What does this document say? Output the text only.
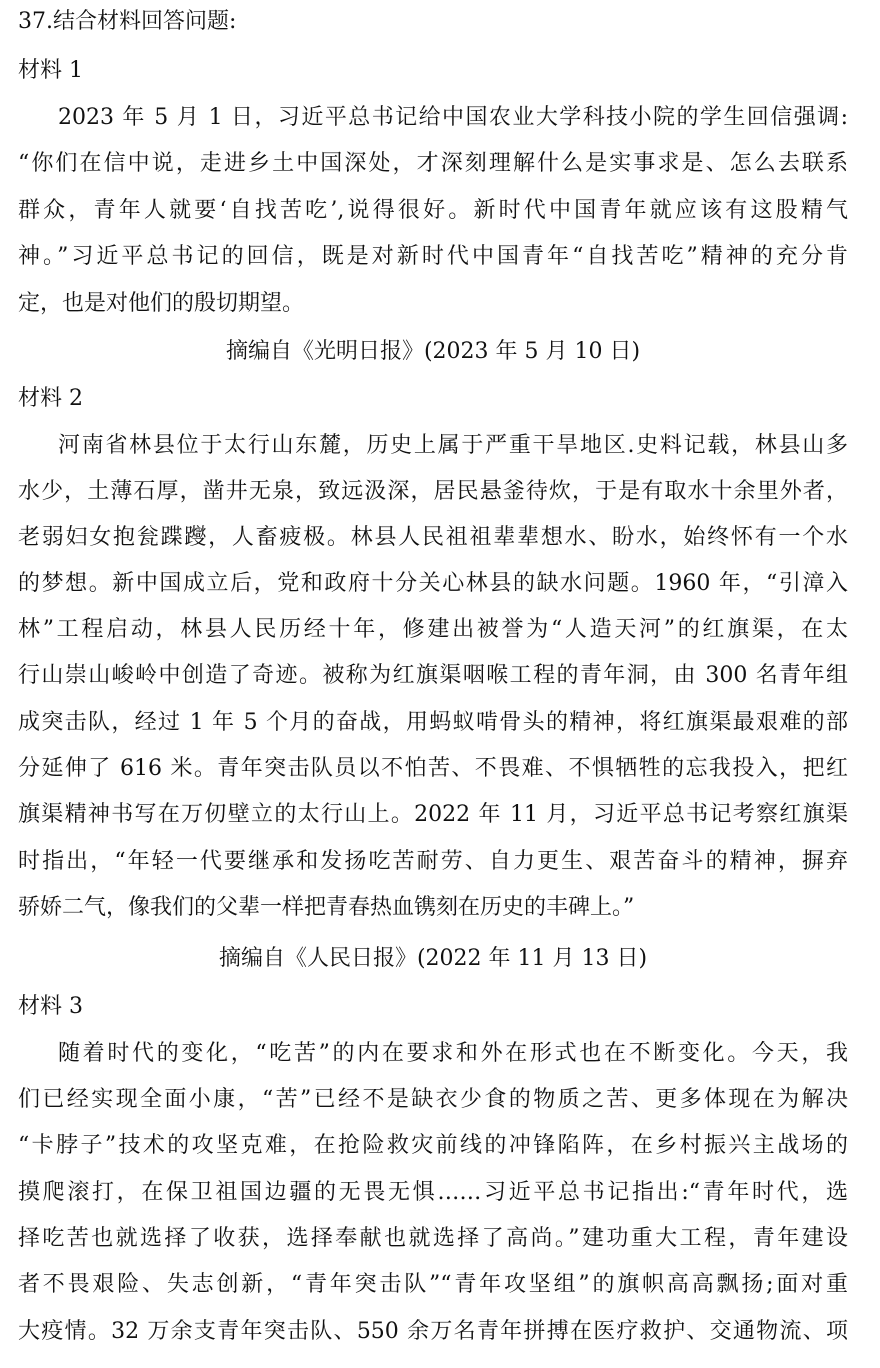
37.结合材料回答问题:
材料 1
2023 年 5 月 1 日，习近平总书记给中国农业大学科技小院的学生回信强调:
“你们在信中说，走进乡土中国深处，才深刻理解什么是实事求是、怎么去联系
群众，青年人就要‘自找苦吃’,说得很好。新时代中国青年就应该有这股精气
神。”习近平总书记的回信，既是对新时代中国青年“自找苦吃”精神的充分肯
定，也是对他们的殷切期望。
摘编自《光明日报》(2023 年 5 月 10 日)
材料 2
河南省林县位于太行山东麓，历史上属于严重干旱地区.史料记载，林县山多
水少，土薄石厚，凿井无泉，致远汲深，居民悬釜待炊，于是有取水十余里外者，
老弱妇女抱瓮蹀躞，人畜疲极。林县人民祖祖辈辈想水、盼水，始终怀有一个水
的梦想。新中国成立后，党和政府十分关心林县的缺水问题。1960 年，“引漳入
林”工程启动，林县人民历经十年，修建出被誉为“人造天河”的红旗渠，在太
行山崇山峻岭中创造了奇迹。被称为红旗渠咽喉工程的青年洞，由 300 名青年组
成突击队，经过 1 年 5 个月的奋战，用蚂蚁啃骨头的精神，将红旗渠最艰难的部
分延伸了 616 米。青年突击队员以不怕苦、不畏难、不惧牺牲的忘我投入，把红
旗渠精神书写在万仞壁立的太行山上。2022 年 11 月，习近平总书记考察红旗渠
时指出，“年轻一代要继承和发扬吃苦耐劳、自力更生、艰苦奋斗的精神，摒弃
骄娇二气，像我们的父辈一样把青春热血镌刻在历史的丰碑上。”
摘编自《人民日报》(2022 年 11 月 13 日)
材料 3
随着时代的变化，“吃苦”的内在要求和外在形式也在不断变化。今天，我
们已经实现全面小康，“苦”已经不是缺衣少食的物质之苦、更多体现在为解决
“卡脖子”技术的攻坚克难，在抢险救灾前线的冲锋陷阵，在乡村振兴主战场的
摸爬滚打，在保卫祖国边疆的无畏无惧……习近平总书记指出:“青年时代，选
择吃苦也就选择了收获，选择奉献也就选择了高尚。”建功重大工程，青年建设
者不畏艰险、失志创新，“青年突击队”“青年攻坚组”的旗帜高高飘扬;面对重
大疫情。32 万余支青年突击队、550 余万名青年拼搏在医疗救护、交通物流、项
